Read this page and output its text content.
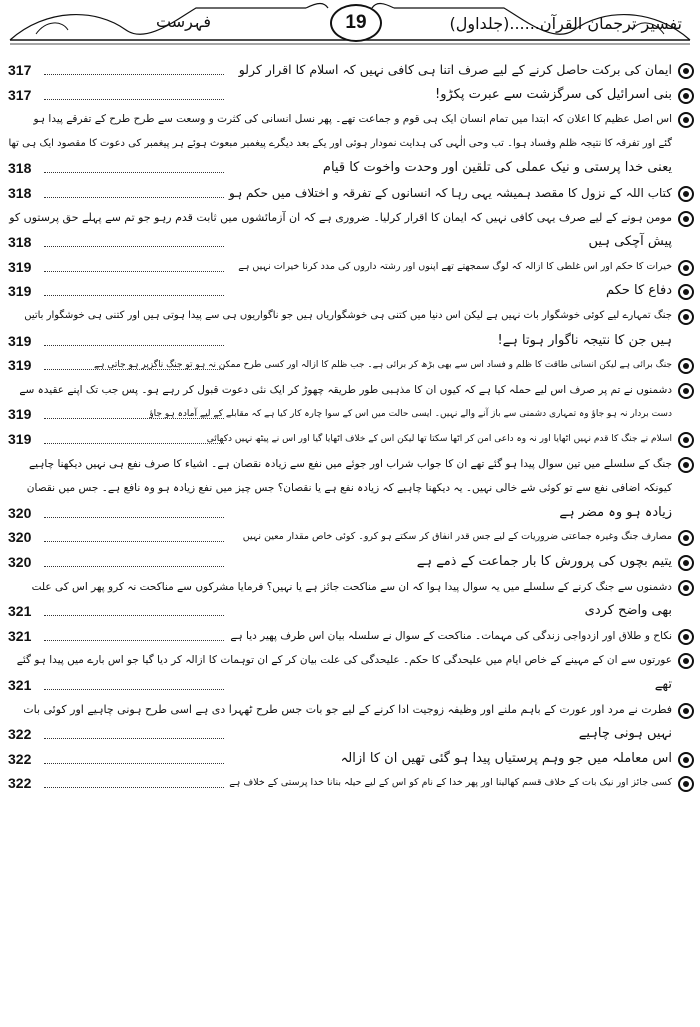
تفسیر ترجمان القرآن......(جلداول)
فہرست	19
ایمان کی برکت حاصل کرنے کے لیے صرف اتنا ہی کافی نہیں کہ اسلام کا اقرار کرلو
317
بنی اسرائیل کی سرگزشت سے عبرت پکڑو!
317
اس اصل عظیم کا اعلان کہ ابتدا میں تمام انسان ایک ہی قوم و جماعت تھے۔ پھر نسل انسانی کی کثرت و وسعت سے طرح طرح کے تفرقے پیدا ہو
گئے اور تفرقہ کا نتیجہ ظلم وفساد ہوا۔ تب وحی الٰہی کی ہدایت نمودار ہوئی اور یکے بعد دیگرے پیغمبر مبعوث ہوئے ہر پیغمبر کی دعوت کا مقصود ایک ہی تھا
یعنی خدا پرستی و نیک عملی کی تلقین اور وحدت واخوت کا قیام
318
کتاب اللہ کے نزول کا مقصد ہمیشہ یہی رہا کہ انسانوں کے تفرقہ و اختلاف میں حکم ہو
318
مومن ہونے کے لیے صرف یہی کافی نہیں کہ ایمان کا اقرار کرلیا۔ ضروری ہے کہ ان آزمائشوں میں ثابت قدم رہو جو تم سے پہلے حق پرستوں کو
پیش آچکی ہیں
318
خیرات کا حکم اور اس غلطی کا ازالہ کہ لوگ سمجھتے تھے اپنوں اور رشتہ داروں کی مدد کرنا خیرات نہیں ہے
319
دفاع کا حکم
319
جنگ تمہارے لیے کوئی خوشگوار بات نہیں ہے لیکن اس دنیا میں کتنی ہی خوشگواریاں ہیں جو ناگواریوں ہی سے پیدا ہوتی ہیں اور کتنی ہی خوشگوار باتیں
ہیں جن کا نتیجہ ناگوار ہوتا ہے!
319
جنگ برائی ہے لیکن انسانی طاقت کا ظلم و فساد اس سے بھی بڑھ کر برائی ہے۔ جب ظلم کا ازالہ اور کسی طرح ممکن نہ ہو تو جنگ ناگزیر ہو جاتی ہے
319
دشمنوں نے تم پر صرف اس لیے حملہ کیا ہے کہ کیوں ان کا مذہبی طور طریقہ چھوڑ کر ایک نئی دعوت قبول کر رہے ہو۔ پس جب تک اپنے عقیدہ سے
دست بردار نہ ہو جاؤ وہ تمہاری دشمنی سے باز آنے والے نہیں۔ ایسی حالت میں اس کے سوا چارہ کار کیا ہے کہ مقابلے کے لیے آمادہ ہو جاؤ
319
اسلام نے جنگ کا قدم نہیں اٹھایا اور نہ وہ داعی امن کر اٹھا سکتا تھا لیکن اس کے خلاف اٹھایا گیا اور اس نے پیٹھ نہیں دکھائی
319
جنگ کے سلسلے میں تین سوال پیدا ہو گئے تھے ان کا جواب شراب اور جوئے میں نفع سے زیادہ نقصان ہے۔ اشیاء کا صرف نفع ہی نہیں دیکھنا چاہیے
کیونکہ اضافی نفع سے تو کوئی شے خالی نہیں۔ یہ دیکھنا چاہیے کہ زیادہ نفع ہے یا نقصان؟ جس چیز میں نفع زیادہ ہو وہ نافع ہے۔ جس میں نقصان
زیادہ ہو وہ مضر ہے
320
مصارف جنگ وغیرہ جماعتی ضروریات کے لیے جس قدر انفاق کر سکتے ہو کرو۔ کوئی خاص مقدار معین نہیں
320
یتیم بچوں کی پرورش کا بار جماعت کے ذمے ہے
320
دشمنوں سے جنگ کرنے کے سلسلے میں یہ سوال پیدا ہوا کہ ان سے مناکحت جائز ہے یا نہیں؟ فرمایا مشرکوں سے مناکحت نہ کرو پھر اس کی علت
بھی واضح کردی
321
نکاح و طلاق اور ازدواجی زندگی کی مہمات۔ مناکحت کے سوال نے سلسلہ بیان اس طرف پھیر دیا ہے
321
عورتوں سے ان کے مہینے کے خاص ایام میں علیحدگی کا حکم۔ علیحدگی کی علت بیان کر کے ان توہمات کا ازالہ کر دیا گیا جو اس بارے میں پیدا ہو گئے
تھے
321
فطرت نے مرد اور عورت کے باہم ملنے اور وظیفہ زوجیت ادا کرنے کے لیے جو بات جس طرح ٹھہرا دی ہے اسی طرح ہونی چاہیے اور کوئی بات
نہیں ہونی چاہیے
322
اس معاملہ میں جو وہم پرستیاں پیدا ہو گئی تھیں ان کا ازالہ
322
کسی جائز اور نیک بات کے خلاف قسم کھالینا اور پھر خدا کے نام کو اس کے لیے حیلہ بنانا خدا پرستی کے خلاف ہے
322
